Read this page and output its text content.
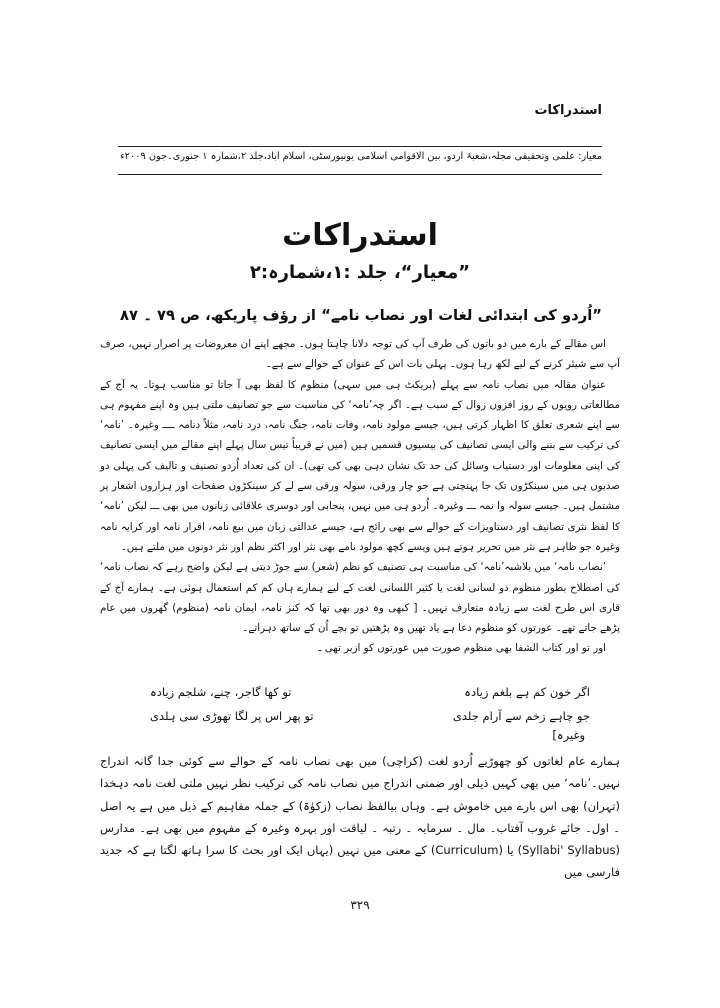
استدراکات
معیار: علمی وتحقیقی مجلہ،شعبۂ اُردو، بین الاقوامی اسلامی یونیورسٹی، اسلام آباد،جلد ۲،شمارہ ۱ جنوری۔جون ۲۰۰۹ء
استدراکات
”معیار“، جلد :۱،شمارہ:۲
”اُردو کی ابتدائی لغات اور نصاب نامے“ از رؤف پاریکھ، ص ۷۹ ۔ ۸۷

اس مقالے کے بارے میں دو باتوں کی طرف آپ کی توجہ دلانا چاہتا ہوں۔ مجھے اپنے ان معروضات پر اصرار نہیں، صرف آپ سے شیئر کرنے کے لیے لکھ رہا ہوں۔ پہلی بات اس کے عنوان کے حوالے سے ہے۔

عنوان مقالہ میں نصاب نامہ سے پہلے (بریکٹ ہی میں سہی) منظوم کا لفظ بھی آ جاتا تو مناسب ہوتا۔ یہ آج کے مطالعاتی رویوں کے روز افزوں زوال کے سبب ہے۔ اگر چہ’نامہ‘ کی مناسبت سے جو تصانیف ملتی ہیں وہ اپنے مفہوم ہی سے اپنے شعری تعلق کا اظہار کرتی ہیں، جیسے مولود نامہ، وفات نامہ، جنگ نامہ، درد نامہ، مثلاً دنامہ ــــ وغیرہ۔ ’نامہ‘ کی ترکیب سے بننے والی ایسی تصانیف کی بیسیوں قسمیں ہیں (میں نے قریباً تیس سال پہلے اپنے مقالے میں ایسی تصانیف کی اپنی معلومات اور دستیاب وسائل کی حد تک نشان دہی بھی کی تھی)۔ ان کی تعداد اُردو تصنیف و تالیف کی پہلی دو صدیوں ہی میں سینکڑوں تک جا پہنچتی ہے جو چار ورقی، سولہ ورقی سے لے کر سینکڑوں صفحات اور ہزاروں اشعار پر مشتمل ہیں۔ جیسے سولہ وا نمہ ـــ وغیرہ۔ اُردو ہی میں نہیں، پنجابی اور دوسری علاقائی زبانوں میں بھی ـــ لیکن ’نامہ‘ کا لفظ نثری تصانیف اور دستاویزات کے حوالے سے بھی رائج ہے، جیسے عدالتی زبان میں بیع نامہ، اقرار نامہ اور کرایہ نامہ وغیرہ جو ظاہر ہے نثر میں تحریر ہوتے ہیں ویسے کچھ مولود نامے بھی نثر اور اکثر نظم اور نثر دونوں میں ملتے ہیں۔

’نصاب نامہ‘ میں بلاشبہ’نامہ‘ کی مناسبت ہی تصنیف کو نظم (شعر) سے جوڑ دیتی ہے لیکن واضح رہے کہ نصاب نامہ‘ کی اصطلاح بطور منظوم ذو لسانی لغت یا کثیر اللسانی لغت کے لیے ہمارے ہاں کم کم استعمال ہوئی ہے۔ ہمارے آج کے قاری اس طرح لغت سے زیادہ متعارف نہیں۔ [ کبھی وہ دور بھی تھا کہ کنز نامہ، ایمان نامہ (منظوم) گھروں میں عام پڑھے جاتے تھے۔ عورتوں کو منظوم دعا ہے یاد تھیں وہ پڑھتیں تو بچے اُن کے ساتھ دہراتے۔

اور تو اور کتاب الشفا بھی منظوم صورت میں عورتوں کو ازبر تھی ـ

اگر خون کم ہے بلغم زیادہ
تو کھا گاجر، چنے، شلجم زیادہ
جو چاہے زخم سے آرام جلدی
تو پھر اس پر لگا تھوڑی سی ہلدی
وغیرہ]

ہمارے عام لغاتوں کو چھوڑیے اُردو لغت (کراچی) میں بھی نصاب نامہ کے حوالے سے کوئی جدا گانہ اندراج نہیں۔’نامہ‘ میں بھی کہیں ذیلی اور ضمنی اندراج میں نصاب نامہ کی ترکیب نظر نہیں ملتی لغت نامہ دہخدا (تہران) بھی اس بارے میں خاموش ہے۔ وہاں بیالفظ نصاب (زکوٰۃ) کے جملہ مفاہیم کے ذیل میں ہے یہ اصل ۔ اول۔ جائے غروب آفتاب۔ مال ۔ سرمایہ ۔ رتبہ ۔ لیاقت اور بہرہ وغیرہ کے مفہوم میں بھی ہے۔ مدارس (Syllabi' Syllabus) یا (Curriculum) کے معنی میں نہیں (یہاں ایک اور بحث کا سرا ہاتھ لگتا ہے کہ جدید فارسی میں

۳۲۹
